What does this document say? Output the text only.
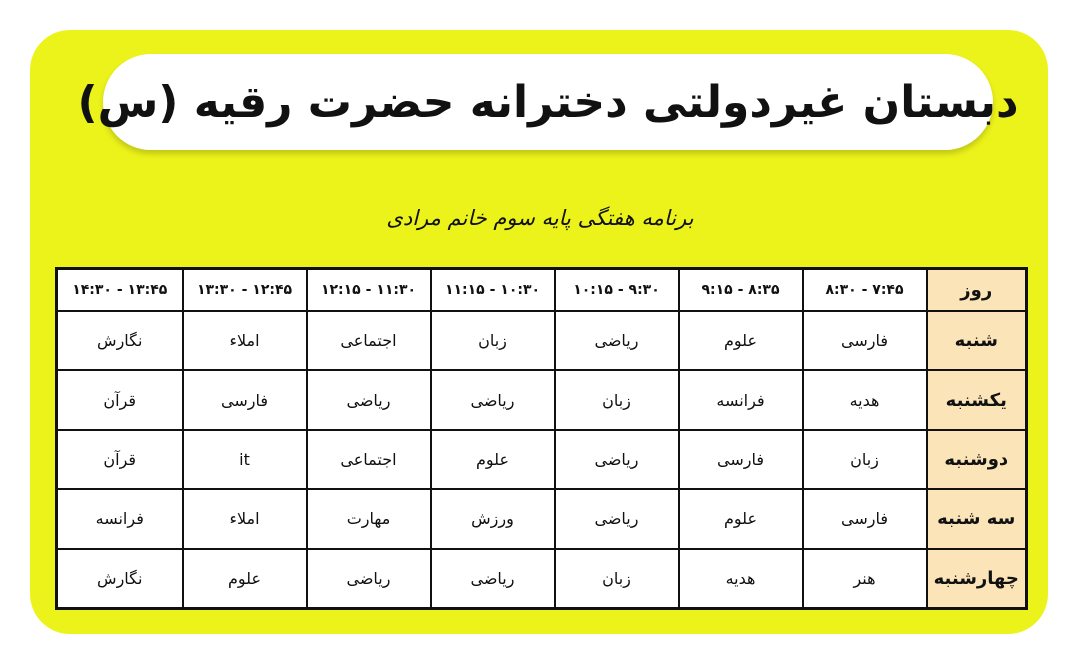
دبستان غیردولتی دخترانه حضرت رقیه (س)
برنامه هفتگی پایه سوم خانم مرادی
روز	۸:۳۰ - ۷:۴۵	۹:۱۵ - ۸:۳۵	۱۰:۱۵ - ۹:۳۰	۱۱:۱۵ - ۱۰:۳۰	۱۲:۱۵ - ۱۱:۳۰	۱۳:۳۰ - ۱۲:۴۵	۱۴:۳۰ - ۱۳:۴۵
شنبه	فارسی	علوم	ریاضی	زبان	اجتماعی	املاء	نگارش
یکشنبه	هدیه	فرانسه	زبان	ریاضی	ریاضی	فارسی	قرآن
دوشنبه	زبان	فارسی	ریاضی	علوم	اجتماعی	it	قرآن
سه شنبه	فارسی	علوم	ریاضی	ورزش	مهارت	املاء	فرانسه
چهارشنبه	هنر	هدیه	زبان	ریاضی	ریاضی	علوم	نگارش
